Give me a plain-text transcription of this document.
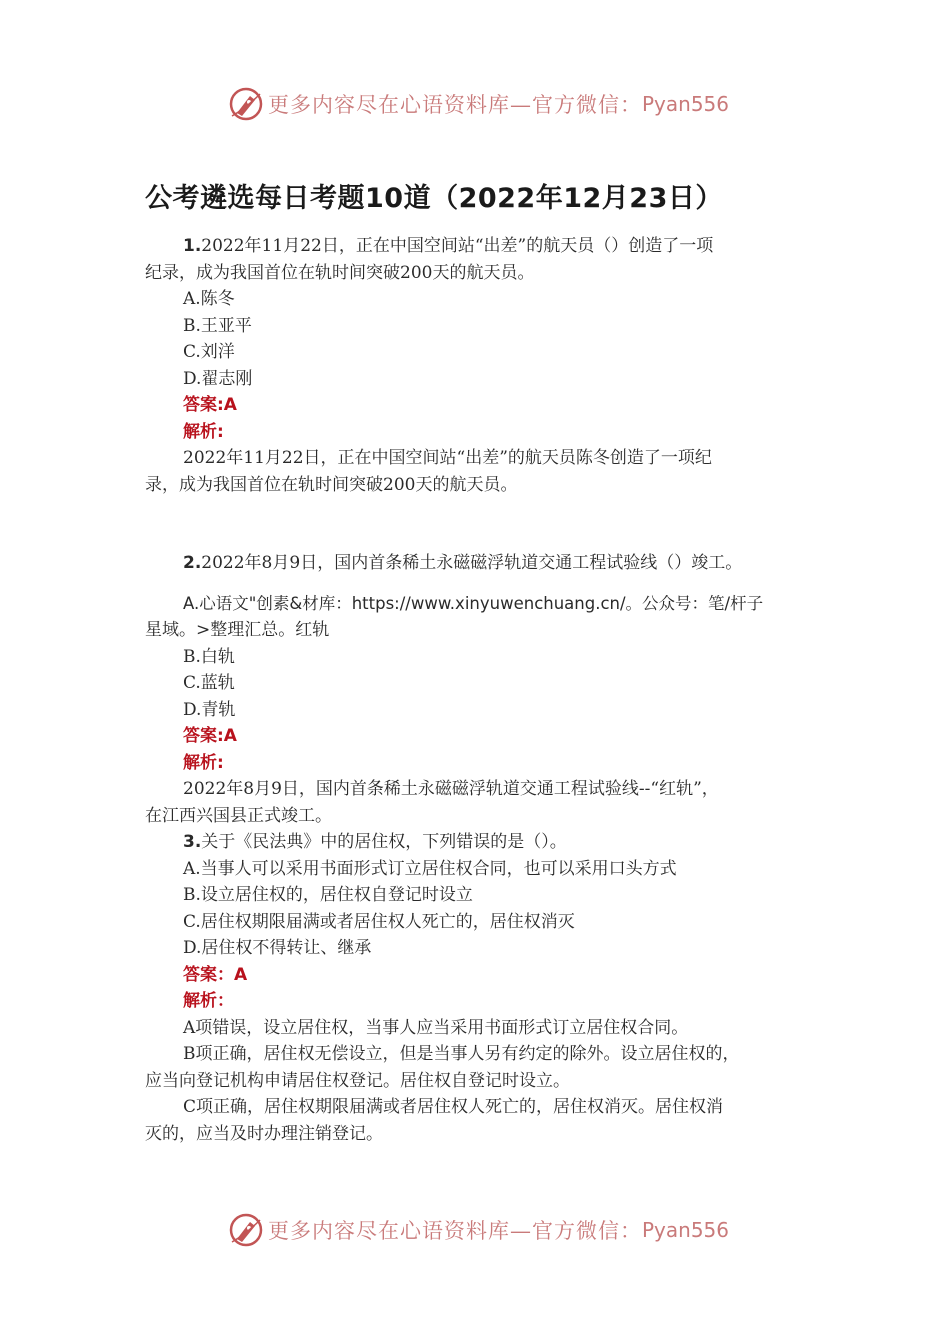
更多内容尽在心语资料库—官方微信： Pyan556
公考遴选每日考题10道（2022年12月23日）

1.2022年11月22日，正在中国空间站“出差”的航天员（）创造了一项

纪录，成为我国首位在轨时间突破200天的航天员。

A.陈冬

B.王亚平

C.刘洋

D.翟志刚

答案:A

解析:

2022年11月22日，正在中国空间站“出差”的航天员陈冬创造了一项纪

录，成为我国首位在轨时间突破200天的航天员。

2.2022年8月9日，国内首条稀土永磁磁浮轨道交通工程试验线（）竣工。

A.心语文"创素&材库：https://www.xinyuwenchuang.cn/。公众号：笔/杆子

星域。>整理汇总。红轨

B.白轨

C.蓝轨

D.青轨

答案:A

解析:

2022年8月9日，国内首条稀土永磁磁浮轨道交通工程试验线--“红轨”，

在江西兴国县正式竣工。

3.关于《民法典》中的居住权，下列错误的是（）。

A.当事人可以采用书面形式订立居住权合同，也可以采用口头方式

B.设立居住权的，居住权自登记时设立

C.居住权期限届满或者居住权人死亡的，居住权消灭

D.居住权不得转让、继承

答案：A

解析：

A项错误，设立居住权，当事人应当采用书面形式订立居住权合同。

B项正确，居住权无偿设立，但是当事人另有约定的除外。设立居住权的，

应当向登记机构申请居住权登记。居住权自登记时设立。

C项正确，居住权期限届满或者居住权人死亡的，居住权消灭。居住权消

灭的，应当及时办理注销登记。

更多内容尽在心语资料库—官方微信： Pyan556
